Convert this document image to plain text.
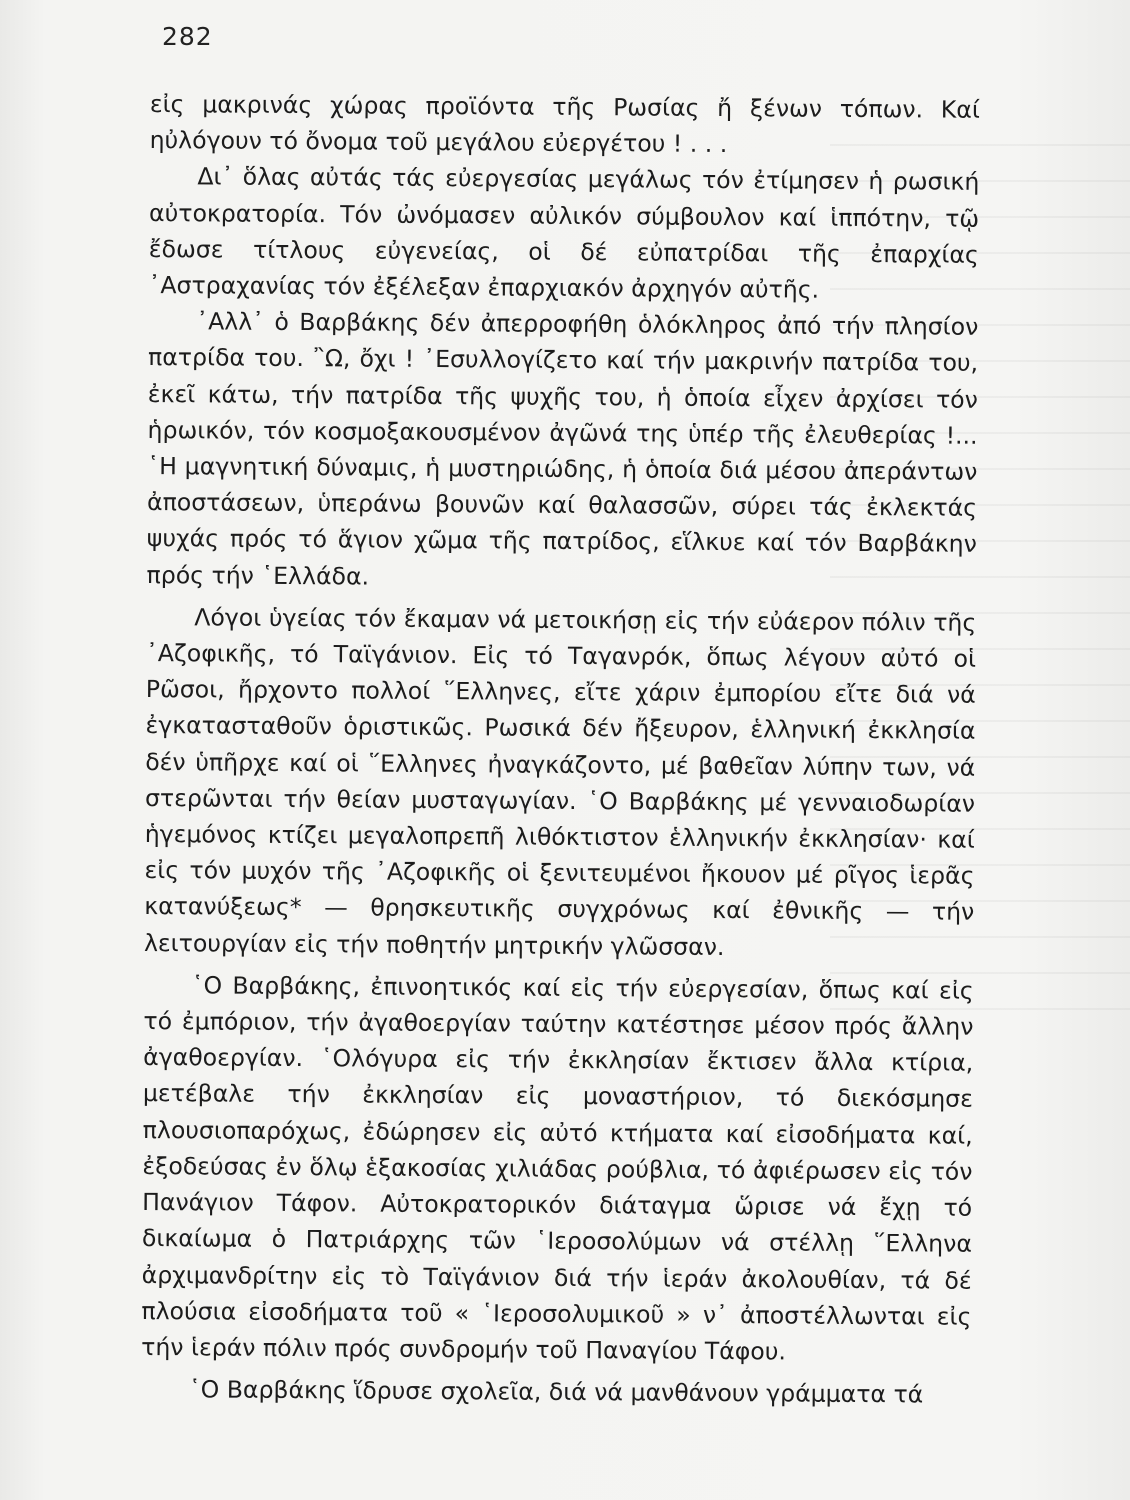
282

εἰς μακρινάς χώρας προϊόντα τῆς Ρωσίας ἤ ξένων τόπων. Καί ηὐλόγουν τό ὄνομα τοῦ μεγάλου εὐεργέτου ! . . .

Δι᾿ ὅλας αὐτάς τάς εὐεργεσίας μεγάλως τόν ἐτίμησεν ἡ ρωσική αὐτοκρατορία. Τόν ὠνόμασεν αὐλικόν σύμβουλον καί ἱππότην, τῷ ἔδωσε τίτλους εὐγενείας, οἱ δέ εὐπατρίδαι τῆς ἐπαρχίας ᾿Αστραχανίας τόν ἐξέλεξαν ἐπαρχιακόν ἀρχηγόν αὐτῆς.

᾿Αλλ᾿ ὁ Βαρβάκης δέν ἀπερροφήθη ὁλόκληρος ἀπό τήν πλησίον πατρίδα του. ῍Ω, ὄχι ! ᾿Εσυλλογίζετο καί τήν μακρινήν πατρίδα του, ἐκεῖ κάτω, τήν πατρίδα τῆς ψυχῆς του, ἡ ὁποία εἶχεν ἀρχίσει τόν ἡρωικόν, τόν κοσμοξακουσμένον ἀγῶνά της ὑπέρ τῆς ἐλευθερίας !... ῾Η μαγνητική δύναμις, ἡ μυστηριώδης, ἡ ὁποία διά μέσου ἀπεράντων ἀποστάσεων, ὑπεράνω βουνῶν καί θαλασσῶν, σύρει τάς ἐκλεκτάς ψυχάς πρός τό ἅγιον χῶμα τῆς πατρίδος, εἵλκυε καί τόν Βαρβάκην πρός τήν ῾Ελλάδα.

Λόγοι ὑγείας τόν ἔκαμαν νά μετοικήσῃ εἰς τήν εὐάερον πόλιν τῆς ᾿Αζοφικῆς, τό Ταϊγάνιον. Εἰς τό Ταγανρόκ, ὅπως λέγουν αὐτό οἱ Ρῶσοι, ἤρχοντο πολλοί ῞Ελληνες, εἴτε χάριν ἐμπορίου εἴτε διά νά ἐγκατασταθοῦν ὁριστικῶς. Ρωσικά δέν ἤξευρον, ἑλληνική ἐκκλησία δέν ὑπῆρχε καί οἱ ῞Ελληνες ἠναγκάζοντο, μέ βαθεῖαν λύπην των, νά στερῶνται τήν θείαν μυσταγωγίαν. ῾Ο Βαρβάκης μέ γενναιοδωρίαν ἡγεμόνος κτίζει μεγαλοπρεπῆ λιθόκτιστον ἑλληνικήν ἐκκλησίαν· καί εἰς τόν μυχόν τῆς ᾿Αζοφικῆς οἱ ξενιτευμένοι ἤκουον μέ ρῖγος ἱερᾶς κατανύξεως* — θρησκευτικῆς συγχρόνως καί ἐθνικῆς — τήν λειτουργίαν εἰς τήν ποθητήν μητρικήν γλῶσσαν.

῾Ο Βαρβάκης, ἐπινοητικός καί εἰς τήν εὐεργεσίαν, ὅπως καί εἰς τό ἐμπόριον, τήν ἀγαθοεργίαν ταύτην κατέστησε μέσον πρός ἄλλην ἀγαθοεργίαν. ῾Ολόγυρα εἰς τήν ἐκκλησίαν ἔκτισεν ἄλλα κτίρια, μετέβαλε τήν ἐκκλησίαν εἰς μοναστήριον, τό διεκόσμησε πλουσιοπαρόχως, ἐδώρησεν εἰς αὐτό κτήματα καί εἰσοδήματα καί, ἐξοδεύσας ἐν ὅλῳ ἑξακοσίας χιλιάδας ρούβλια, τό ἀφιέρωσεν εἰς τόν Πανάγιον Τάφον. Αὐτοκρατορικόν διάταγμα ὥρισε νά ἔχῃ τό δικαίωμα ὁ Πατριάρχης τῶν ῾Ιεροσολύμων νά στέλλῃ ῞Ελληνα ἀρχιμανδρίτην εἰς τὸ Ταϊγάνιον διά τήν ἱεράν ἀκολουθίαν, τά δέ πλούσια εἰσοδήματα τοῦ « ῾Ιεροσολυμικοῦ » ν᾿ ἀποστέλλωνται εἰς τήν ἱεράν πόλιν πρός συνδρομήν τοῦ Παναγίου Τάφου.

῾Ο Βαρβάκης ἵδρυσε σχολεῖα, διά νά μανθάνουν γράμματα τά
